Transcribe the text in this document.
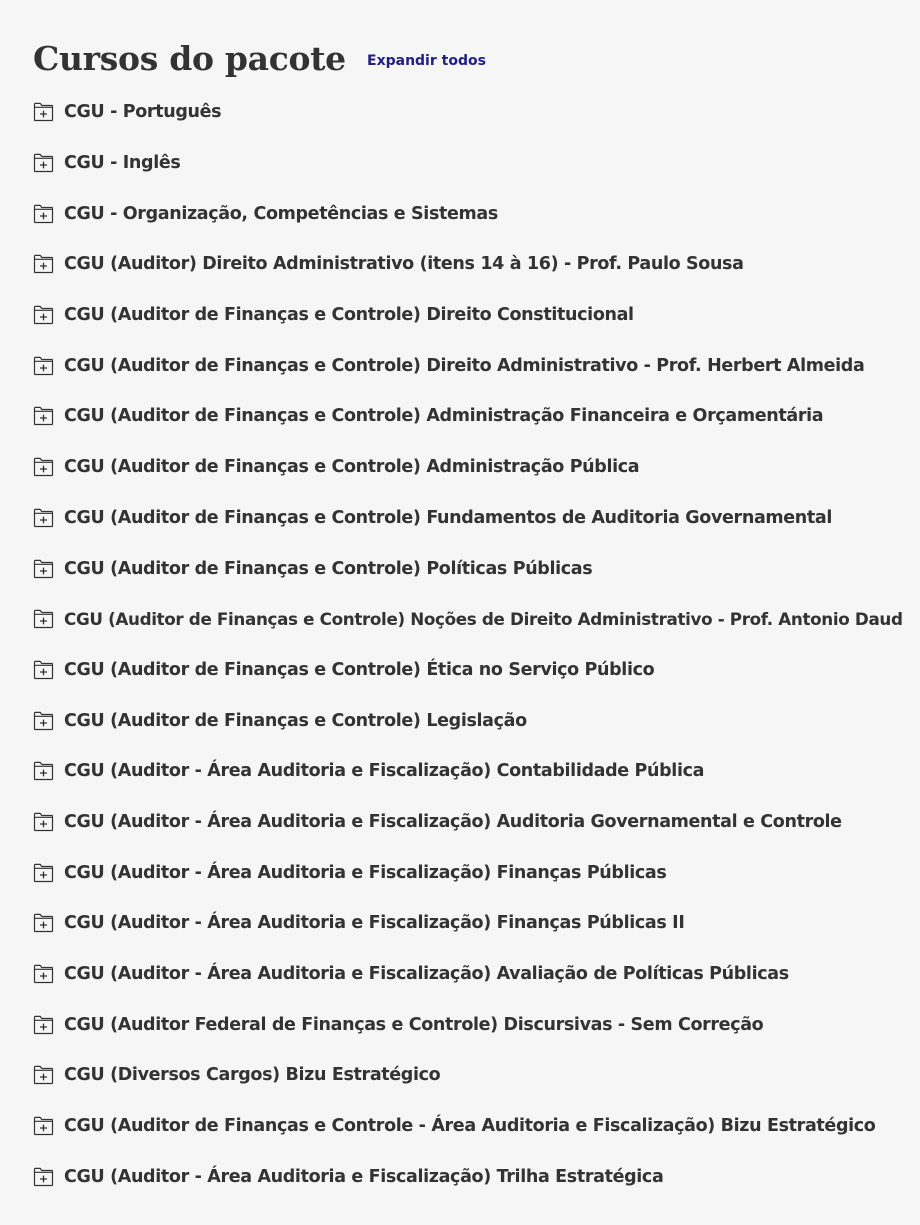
Cursos do pacote Expandir todos
CGU - Português
CGU - Inglês
CGU - Organização, Competências e Sistemas
CGU (Auditor) Direito Administrativo (itens 14 à 16) - Prof. Paulo Sousa
CGU (Auditor de Finanças e Controle) Direito Constitucional
CGU (Auditor de Finanças e Controle) Direito Administrativo - Prof. Herbert Almeida
CGU (Auditor de Finanças e Controle) Administração Financeira e Orçamentária
CGU (Auditor de Finanças e Controle) Administração Pública
CGU (Auditor de Finanças e Controle) Fundamentos de Auditoria Governamental
CGU (Auditor de Finanças e Controle) Políticas Públicas
CGU (Auditor de Finanças e Controle) Noções de Direito Administrativo - Prof. Antonio Daud
CGU (Auditor de Finanças e Controle) Ética no Serviço Público
CGU (Auditor de Finanças e Controle) Legislação
CGU (Auditor - Área Auditoria e Fiscalização) Contabilidade Pública
CGU (Auditor - Área Auditoria e Fiscalização) Auditoria Governamental e Controle
CGU (Auditor - Área Auditoria e Fiscalização) Finanças Públicas
CGU (Auditor - Área Auditoria e Fiscalização) Finanças Públicas II
CGU (Auditor - Área Auditoria e Fiscalização) Avaliação de Políticas Públicas
CGU (Auditor Federal de Finanças e Controle) Discursivas - Sem Correção
CGU (Diversos Cargos) Bizu Estratégico
CGU (Auditor de Finanças e Controle - Área Auditoria e Fiscalização) Bizu Estratégico
CGU (Auditor - Área Auditoria e Fiscalização) Trilha Estratégica
